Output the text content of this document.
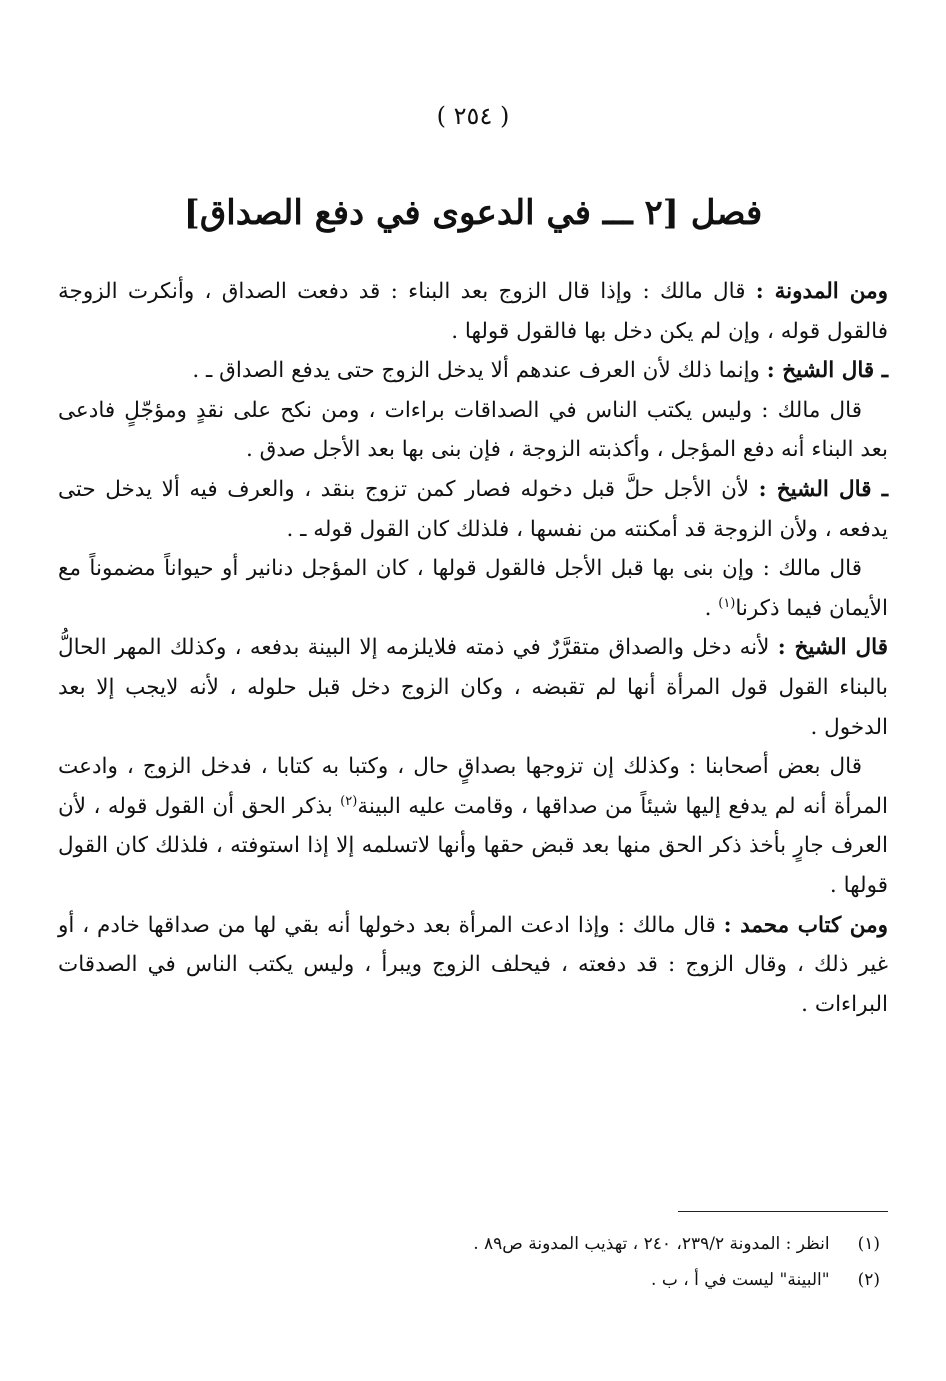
( ٢٥٤ )
فصل [٢ ـــ في الدعوى في دفع الصداق]

ومن المدونة : قال مالك : وإذا قال الزوج بعد البناء : قد دفعت الصداق ، وأنكرت الزوجة فالقول قوله ، وإن لم يكن دخل بها فالقول قولها .

ـ قال الشيخ : وإنما ذلك لأن العرف عندهم ألا يدخل الزوج حتى يدفع الصداق ـ .

قال مالك : وليس يكتب الناس في الصداقات براءات ، ومن نكح على نقدٍ ومؤجّلٍ فادعى بعد البناء أنه دفع المؤجل ، وأكذبته الزوجة ، فإن بنى بها بعد الأجل صدق .

ـ قال الشيخ : لأن الأجل حلَّ قبل دخوله فصار كمن تزوج بنقد ، والعرف فيه ألا يدخل حتى يدفعه ، ولأن الزوجة قد أمكنته من نفسها ، فلذلك كان القول قوله ـ .

قال مالك : وإن بنى بها قبل الأجل فالقول قولها ، كان المؤجل دنانير أو حيواناً مضموناً مع الأيمان فيما ذكرنا$^{(١)}$ .

قال الشيخ : لأنه دخل والصداق متقرَّرٌ في ذمته فلايلزمه إلا البينة بدفعه ، وكذلك المهر الحالُّ بالبناء القول قول المرأة أنها لم تقبضه ، وكان الزوج دخل قبل حلوله ، لأنه لايجب إلا بعد الدخول .

قال بعض أصحابنا : وكذلك إن تزوجها بصداقٍ حال ، وكتبا به كتابا ، فدخل الزوج ، وادعت المرأة أنه لم يدفع إليها شيئاً من صداقها ، وقامت عليه البينة$^{(٢)}$ بذكر الحق أن القول قوله ، لأن العرف جارٍ بأخذ ذكر الحق منها بعد قبض حقها وأنها لاتسلمه إلا إذا استوفته ، فلذلك كان القول قولها .

ومن كتاب محمد : قال مالك : وإذا ادعت المرأة بعد دخولها أنه بقي لها من صداقها خادم ، أو غير ذلك ، وقال الزوج : قد دفعته ، فيحلف الزوج ويبرأ ، وليس يكتب الناس في الصدقات البراءات .

(١)
انظر : المدونة ٢٣٩/٢، ٢٤٠ ، تهذيب المدونة ص٨٩ .
(٢)
"البينة" ليست في أ ، ب .
